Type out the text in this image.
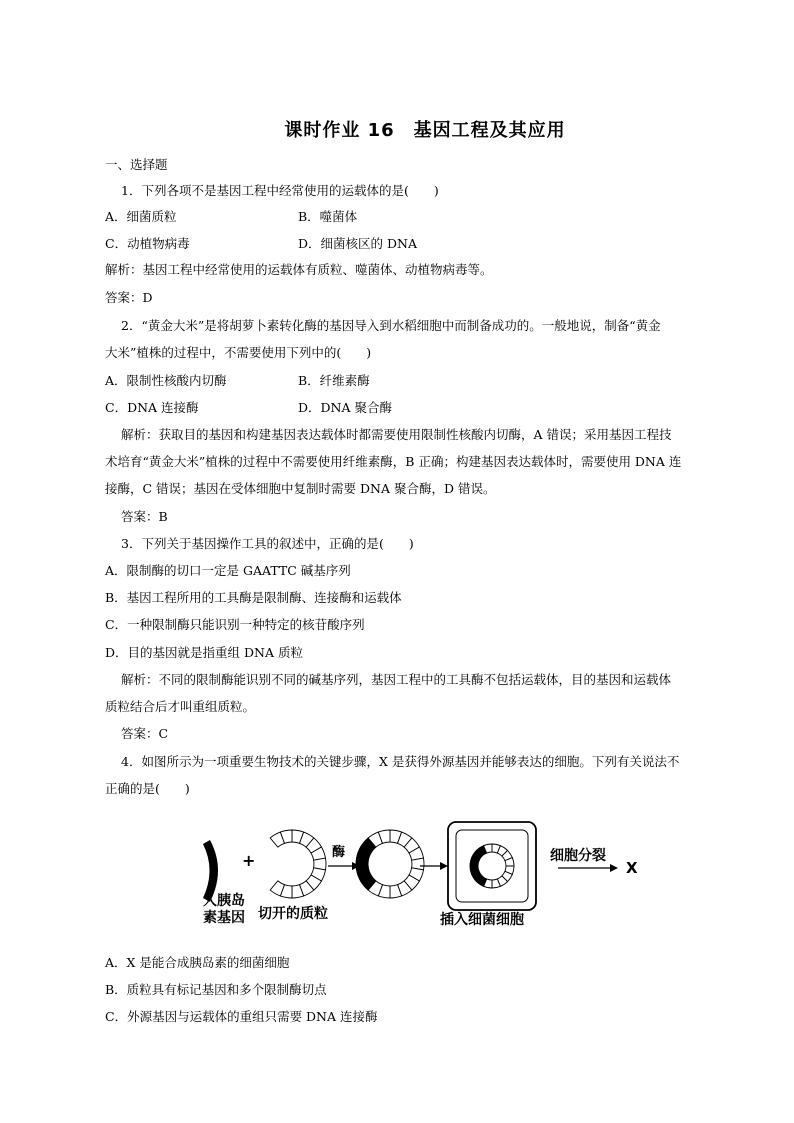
课时作业 16　基因工程及其应用
一、选择题
1．下列各项不是基因工程中经常使用的运载体的是(　　)
A．细菌质粒	B．噬菌体
C．动植物病毒	D．细菌核区的 DNA
解析：基因工程中经常使用的运载体有质粒、噬菌体、动植物病毒等。
答案：D
2．“黄金大米”是将胡萝卜素转化酶的基因导入到水稻细胞中而制备成功的。一般地说，制备“黄金
大米”植株的过程中，不需要使用下列中的(　　)
A．限制性核酸内切酶	B．纤维素酶
C．DNA 连接酶	D．DNA 聚合酶
解析：获取目的基因和构建基因表达载体时都需要使用限制性核酸内切酶，A 错误；采用基因工程技
术培育“黄金大米”植株的过程中不需要使用纤维素酶，B 正确；构建基因表达载体时，需要使用 DNA 连
接酶，C 错误；基因在受体细胞中复制时需要 DNA 聚合酶，D 错误。
答案：B
3．下列关于基因操作工具的叙述中，正确的是(　　)
A．限制酶的切口一定是 GAATTC 碱基序列
B．基因工程所用的工具酶是限制酶、连接酶和运载体
C．一种限制酶只能识别一种特定的核苷酸序列
D．目的基因就是指重组 DNA 质粒
解析：不同的限制酶能识别不同的碱基序列，基因工程中的工具酶不包括运载体，目的基因和运载体
质粒结合后才叫重组质粒。
答案：C
4．如图所示为一项重要生物技术的关键步骤，X 是获得外源基因并能够表达的细胞。下列有关说法不
正确的是(　　)
人胰岛
素基因
+
切开的质粒
酶
插入细菌细胞
细胞分裂
X
A．X 是能合成胰岛素的细菌细胞
B．质粒具有标记基因和多个限制酶切点
C．外源基因与运载体的重组只需要 DNA 连接酶
